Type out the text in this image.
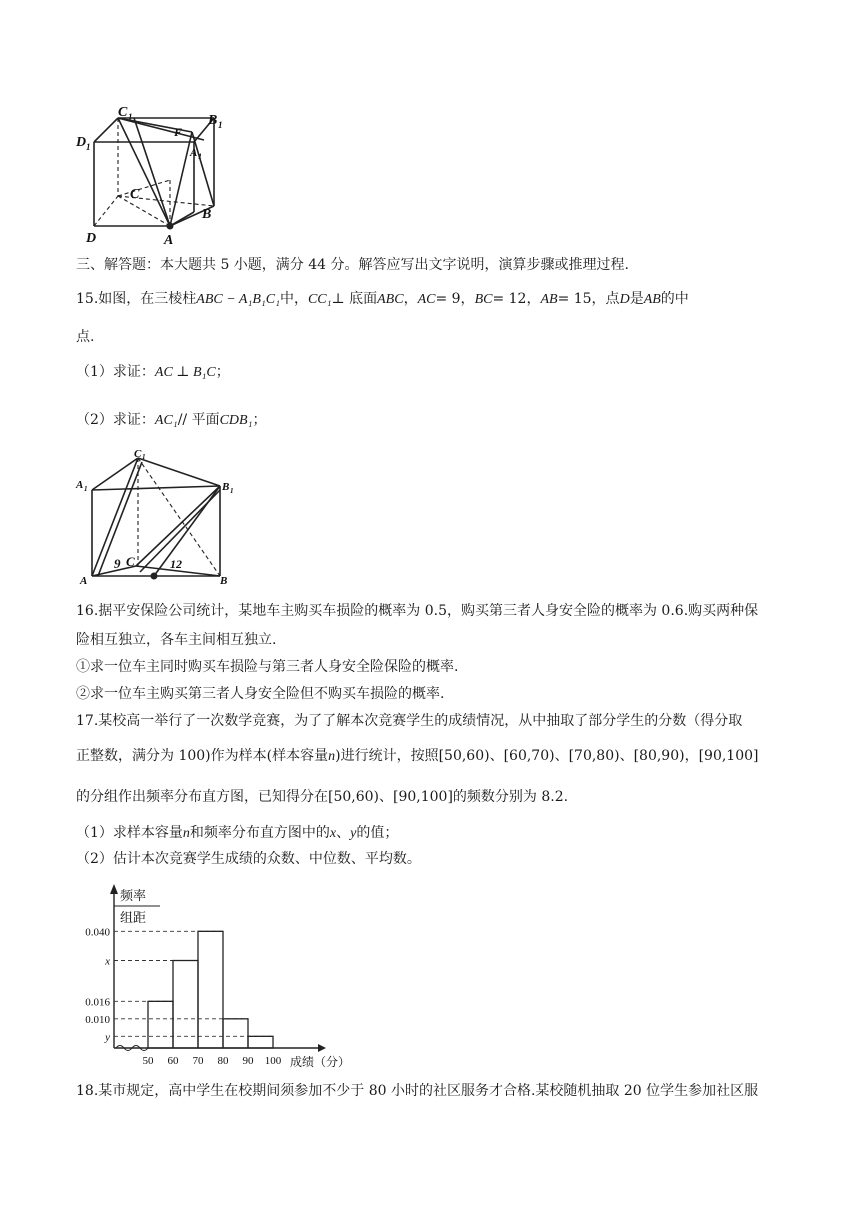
C 1	B 1
D 1
F
A 1
C
B
D	A
三、解答题：本大题共 5 小题，满分 44 分。解答应写出文字说明，演算步骤或推理过程.
15.如图，在三棱柱ABC − A₁B₁C₁中，CC₁⊥ 底面ABC，AC= 9，BC= 12，AB= 15，点D是AB的中
点.
（1）求证：AC ⊥ B₁C；
（2）求证：AC₁// 平面CDB₁；
A 1
C 1
B 1
A	B
C
9	12
16.据平安保险公司统计，某地车主购买车损险的概率为 0.5，购买第三者人身安全险的概率为 0.6.购买两种保
险相互独立，各车主间相互独立.
①求一位车主同时购买车损险与第三者人身安全险保险的概率.
②求一位车主购买第三者人身安全险但不购买车损险的概率.
17.某校高一举行了一次数学竞赛，为了了解本次竞赛学生的成绩情况，从中抽取了部分学生的分数（得分取
正整数，满分为 100)作为样本(样本容量n)进行统计，按照[50,60)、[60,70)、[70,80)、[80,90)，[90,100]
的分组作出频率分布直方图，已知得分在[50,60)、[90,100]的频数分别为 8.2.
（1）求样本容量n和频率分布直方图中的x、y的值；
（2）估计本次竞赛学生成绩的众数、中位数、平均数。
频率
组距
成绩（分）
0.040
x
0.016
0.010
y
50 60 70 80 90 100
18.某市规定，高中学生在校期间须参加不少于 80 小时的社区服务才合格.某校随机抽取 20 位学生参加社区服
